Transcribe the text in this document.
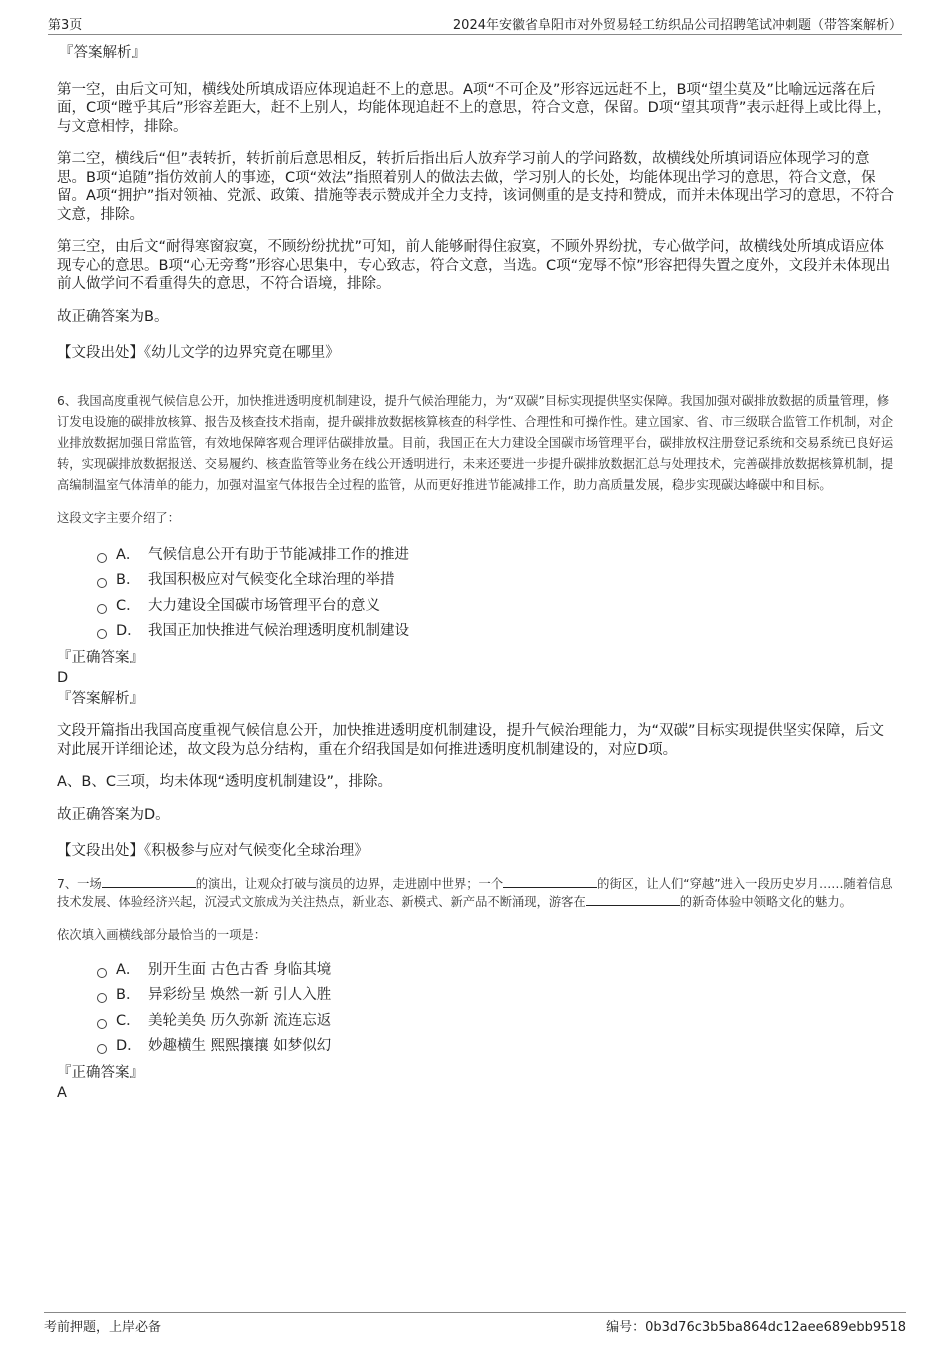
第3页	2024年安徽省阜阳市对外贸易轻工纺织品公司招聘笔试冲刺题（带答案解析）

『答案解析』

第一空，由后文可知，横线处所填成语应体现追赶不上的意思。A项“不可企及”形容远远赶不上，B项“望尘莫及”比喻远远落在后面，C项“瞠乎其后”形容差距大，赶不上别人，均能体现追赶不上的意思，符合文意，保留。D项“望其项背”表示赶得上或比得上，与文意相悖，排除。

第二空，横线后“但”表转折，转折前后意思相反，转折后指出后人放弃学习前人的学问路数，故横线处所填词语应体现学习的意思。B项“追随”指仿效前人的事迹，C项“效法”指照着别人的做法去做，学习别人的长处，均能体现出学习的意思，符合文意，保留。A项“拥护”指对领袖、党派、政策、措施等表示赞成并全力支持，该词侧重的是支持和赞成，而并未体现出学习的意思，不符合文意，排除。

第三空，由后文“耐得寒窗寂寞，不顾纷纷扰扰”可知，前人能够耐得住寂寞，不顾外界纷扰，专心做学问，故横线处所填成语应体现专心的意思。B项“心无旁骛”形容心思集中，专心致志，符合文意，当选。C项“宠辱不惊”形容把得失置之度外，文段并未体现出前人做学问不看重得失的意思，不符合语境，排除。

故正确答案为B。

【文段出处】《幼儿文学的边界究竟在哪里》

6、我国高度重视气候信息公开，加快推进透明度机制建设，提升气候治理能力，为“双碳”目标实现提供坚实保障。我国加强对碳排放数据的质量管理，修订发电设施的碳排放核算、报告及核查技术指南，提升碳排放数据核算核查的科学性、合理性和可操作性。建立国家、省、市三级联合监管工作机制，对企业排放数据加强日常监管，有效地保障客观合理评估碳排放量。目前，我国正在大力建设全国碳市场管理平台，碳排放权注册登记系统和交易系统已良好运转，实现碳排放数据报送、交易履约、核查监管等业务在线公开透明进行，未来还要进一步提升碳排放数据汇总与处理技术，完善碳排放数据核算机制，提高编制温室气体清单的能力，加强对温室气体报告全过程的监管，从而更好推进节能减排工作，助力高质量发展，稳步实现碳达峰碳中和目标。

这段文字主要介绍了：

A． 气候信息公开有助于节能减排工作的推进
B． 我国积极应对气候变化全球治理的举措
C． 大力建设全国碳市场管理平台的意义
D． 我国正加快推进气候治理透明度机制建设

『正确答案』

D

『答案解析』

文段开篇指出我国高度重视气候信息公开，加快推进透明度机制建设，提升气候治理能力，为“双碳”目标实现提供坚实保障，后文对此展开详细论述，故文段为总分结构，重在介绍我国是如何推进透明度机制建设的，对应D项。

A、B、C三项，均未体现“透明度机制建设”，排除。

故正确答案为D。

【文段出处】《积极参与应对气候变化全球治理》

7、一场	的演出，让观众打破与演员的边界，走进剧中世界；一个	的街区，让人们“穿越”进入一段历史岁月……随着信息技术发展、体验经济兴起，沉浸式文旅成为关注热点，新业态、新模式、新产品不断涌现，游客在	的新奇体验中领略文化的魅力。

依次填入画横线部分最恰当的一项是：

A． 别开生面 古色古香 身临其境
B． 异彩纷呈 焕然一新 引人入胜
C． 美轮美奂 历久弥新 流连忘返
D． 妙趣横生 熙熙攘攘 如梦似幻

『正确答案』

A

考前押题，上岸必备	编号：0b3d76c3b5ba864dc12aee689ebb9518
